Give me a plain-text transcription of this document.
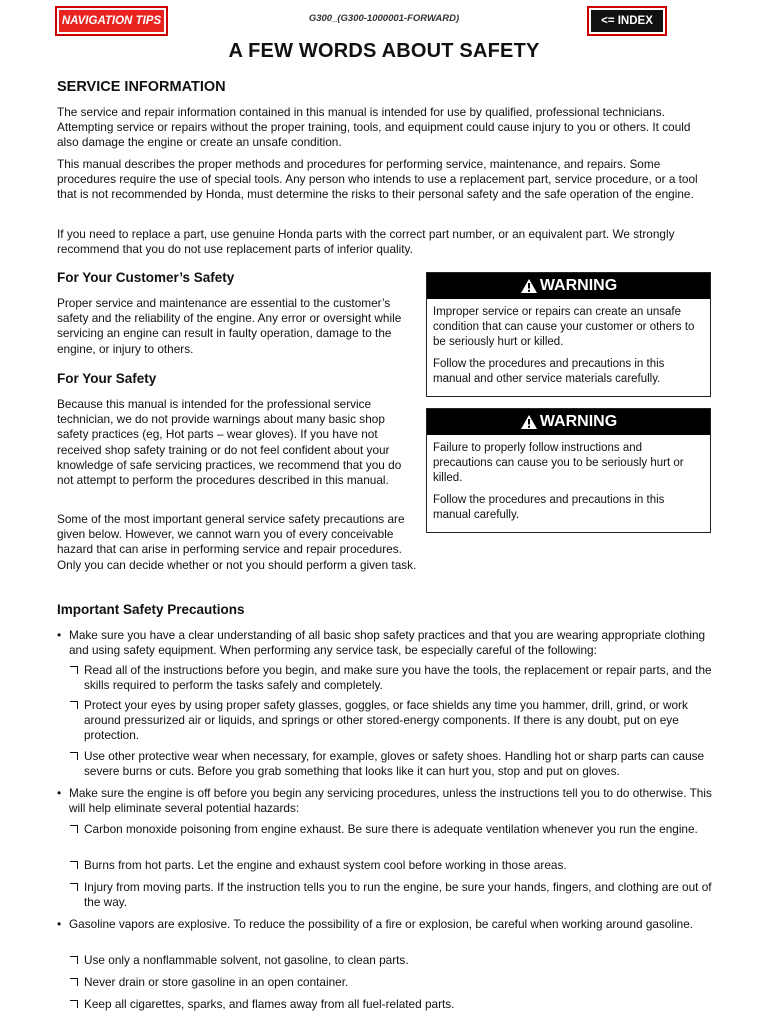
NAVIGATION TIPS	G300_(G300-1000001-FORWARD)	<= INDEX
A FEW WORDS ABOUT SAFETY
SERVICE INFORMATION

The service and repair information contained in this manual is intended for use by qualified, professional technicians. Attempting service or repairs without the proper training, tools, and equipment could cause injury to you or others. It could also damage the engine or create an unsafe condition.

This manual describes the proper methods and procedures for performing service, maintenance, and repairs. Some procedures require the use of special tools. Any person who intends to use a replacement part, service procedure, or a tool that is not recommended by Honda, must determine the risks to their personal safety and the safe operation of the engine.

If you need to replace a part, use genuine Honda parts with the correct part number, or an equivalent part. We strongly recommend that you do not use replacement parts of inferior quality.

For Your Customer’s Safety

Proper service and maintenance are essential to the customer’s safety and the reliability of the engine. Any error or oversight while servicing an engine can result in faulty operation, damage to the engine, or injury to others.

For Your Safety

Because this manual is intended for the professional service technician, we do not provide warnings about many basic shop safety practices (eg, Hot parts – wear gloves). If you have not received shop safety training or do not feel confident about your knowledge of safe servicing practices, we recommend that you do not attempt to perform the procedures described in this manual.

Some of the most important general service safety precautions are given below. However, we cannot warn you of every conceivable hazard that can arise in performing service and repair procedures. Only you can decide whether or not you should perform a given task.

WARNING

Improper service or repairs can create an unsafe condition that can cause your customer or others to be seriously hurt or killed.

Follow the procedures and precautions in this manual and other service materials carefully.

WARNING

Failure to properly follow instructions and precautions can cause you to be seriously hurt or killed.

Follow the procedures and precautions in this manual carefully.

Important Safety Precautions
• Make sure you have a clear understanding of all basic shop safety practices and that you are wearing appropriate clothing and using safety equipment. When performing any service task, be especially careful of the following:

Read all of the instructions before you begin, and make sure you have the tools, the replacement or repair parts, and the skills required to perform the tasks safely and completely.

Protect your eyes by using proper safety glasses, goggles, or face shields any time you hammer, drill, grind, or work around pressurized air or liquids, and springs or other stored-energy components. If there is any doubt, put on eye protection.

Use other protective wear when necessary, for example, gloves or safety shoes. Handling hot or sharp parts can cause severe burns or cuts. Before you grab something that looks like it can hurt you, stop and put on gloves.

• Make sure the engine is off before you begin any servicing procedures, unless the instructions tell you to do otherwise. This will help eliminate several potential hazards:

Carbon monoxide poisoning from engine exhaust. Be sure there is adequate ventilation whenever you run the engine.

Burns from hot parts. Let the engine and exhaust system cool before working in those areas.

Injury from moving parts. If the instruction tells you to run the engine, be sure your hands, fingers, and clothing are out of the way.

• Gasoline vapors are explosive. To reduce the possibility of a fire or explosion, be careful when working around gasoline.

Use only a nonflammable solvent, not gasoline, to clean parts.

Never drain or store gasoline in an open container.

Keep all cigarettes, sparks, and flames away from all fuel-related parts.
